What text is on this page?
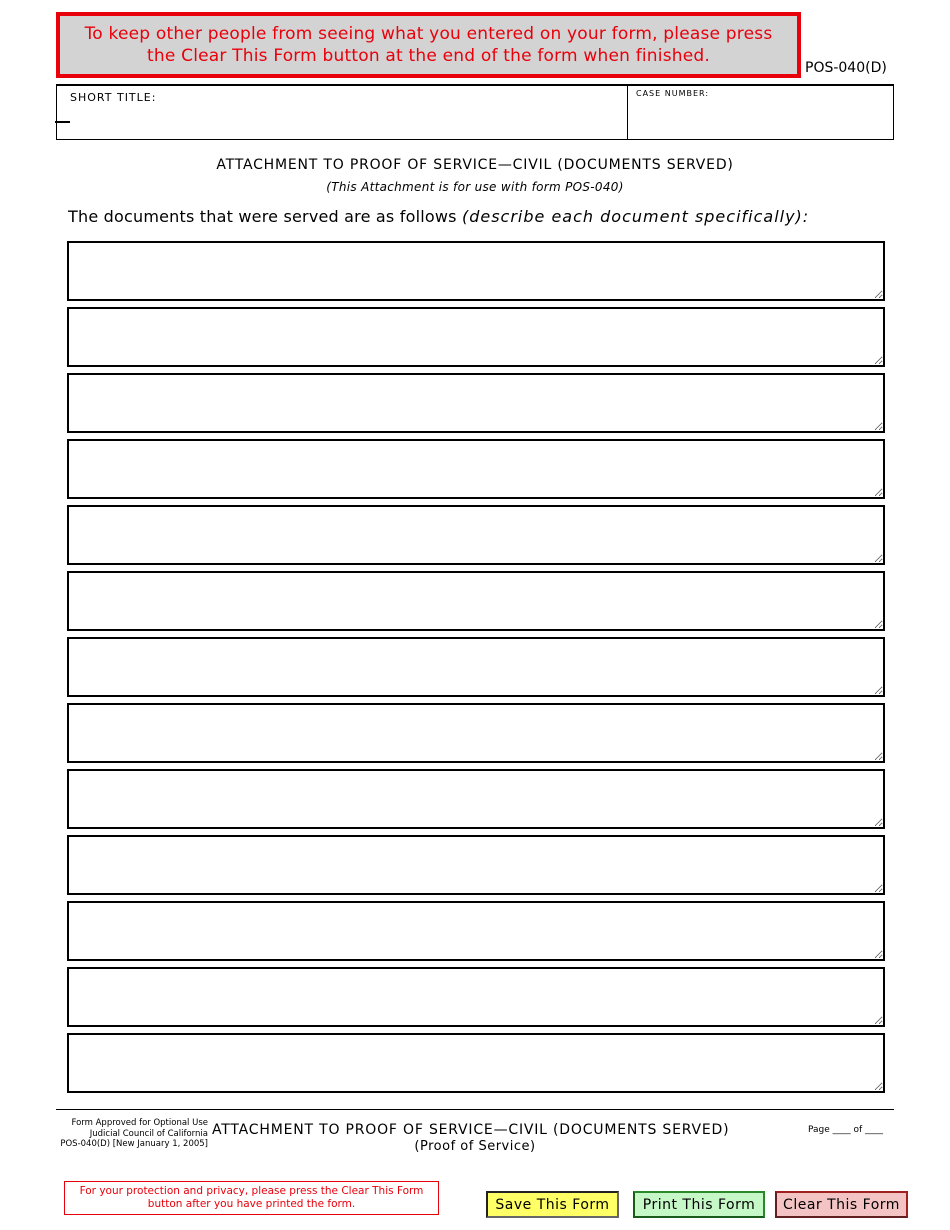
To keep other people from seeing what you entered on your form, please press the Clear This Form button at the end of the form when finished.
POS-040(D)
SHORT TITLE:	CASE NUMBER:
ATTACHMENT TO PROOF OF SERVICE—CIVIL (DOCUMENTS SERVED)
(This Attachment is for use with form POS-040)
The documents that were served are as follows (describe each document specifically):
Form Approved for Optional Use
Judicial Council of California
POS-040(D) [New January 1, 2005]
ATTACHMENT TO PROOF OF SERVICE—CIVIL (DOCUMENTS SERVED)
(Proof of Service)
Page ____ of ____
For your protection and privacy, please press the Clear This Form button after you have printed the form.	Save This Form	Print This Form	Clear This Form
